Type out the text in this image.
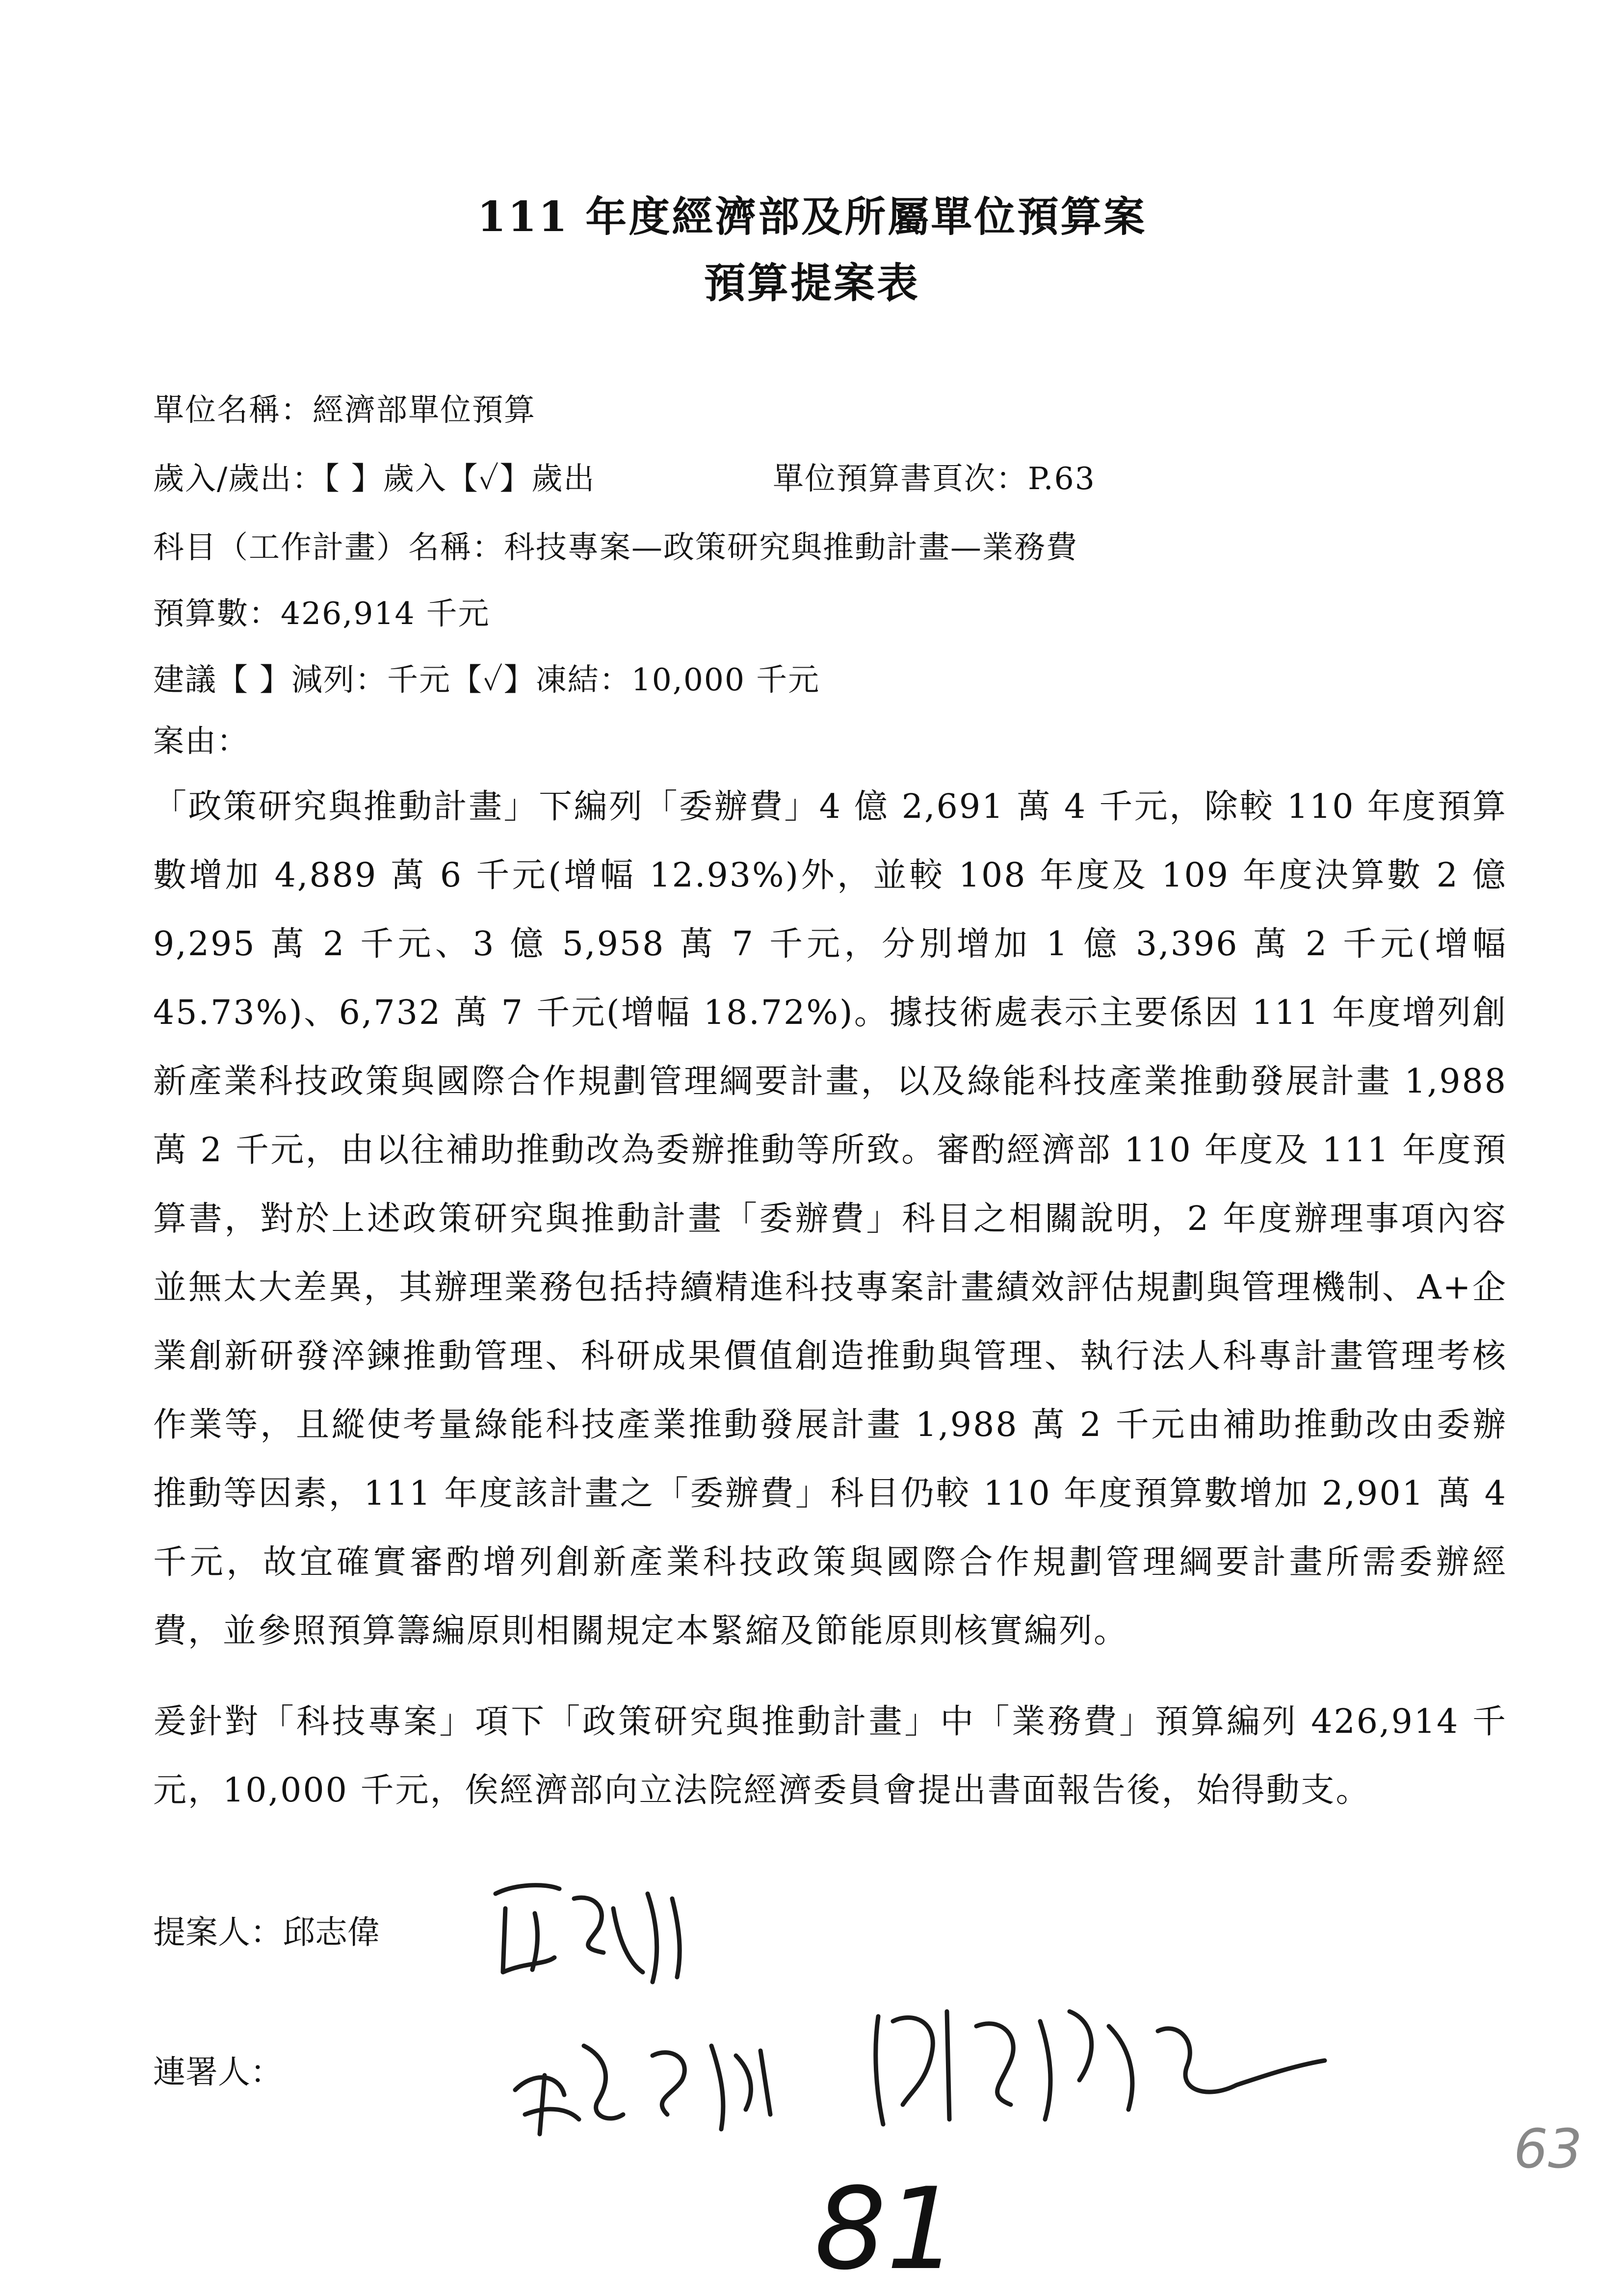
111 年度經濟部及所屬單位預算案
預算提案表
單位名稱：經濟部單位預算
歲入/歲出：【 】歲入【✓】歲出	單位預算書頁次：P.63
科目（工作計畫）名稱：科技專案—政策研究與推動計畫—業務費
預算數：426,914 千元
建議【 】減列：千元【✓】凍結：10,000 千元
案由：

「政策研究與推動計畫」下編列「委辦費」4 億 2,691 萬 4 千元，除較 110 年度預算數增加 4,889 萬 6 千元(增幅 12.93%)外，並較 108 年度及 109 年度決算數 2 億 9,295 萬 2 千元、3 億 5,958 萬 7 千元，分別增加 1 億 3,396 萬 2 千元(增幅 45.73%)、6,732 萬 7 千元(增幅 18.72%)。據技術處表示主要係因 111 年度增列創新產業科技政策與國際合作規劃管理綱要計畫，以及綠能科技產業推動發展計畫 1,988 萬 2 千元，由以往補助推動改為委辦推動等所致。審酌經濟部 110 年度及 111 年度預算書，對於上述政策研究與推動計畫「委辦費」科目之相關說明，2 年度辦理事項內容並無太大差異，其辦理業務包括持續精進科技專案計畫績效評估規劃與管理機制、A+企業創新研發淬鍊推動管理、科研成果價值創造推動與管理、執行法人科專計畫管理考核作業等，且縱使考量綠能科技產業推動發展計畫 1,988 萬 2 千元由補助推動改由委辦推動等因素，111 年度該計畫之「委辦費」科目仍較 110 年度預算數增加 2,901 萬 4 千元，故宜確實審酌增列創新產業科技政策與國際合作規劃管理綱要計畫所需委辦經費，並參照預算籌編原則相關規定本緊縮及節能原則核實編列。

爰針對「科技專案」項下「政策研究與推動計畫」中「業務費」預算編列 426,914 千元，10,000 千元，俟經濟部向立法院經濟委員會提出書面報告後，始得動支。

提案人：邱志偉
連署人：
81
63
